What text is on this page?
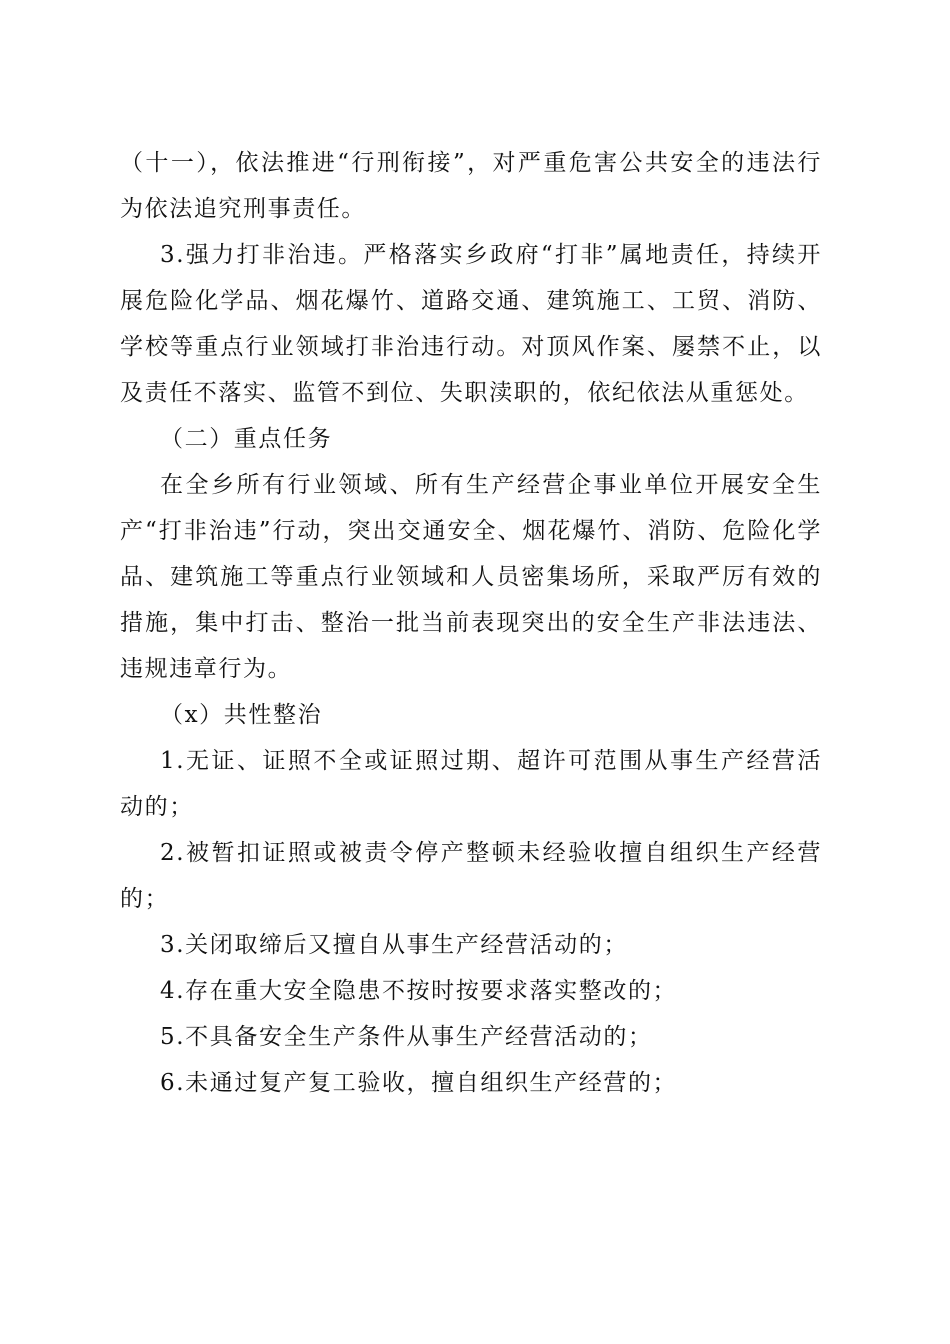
（十一），依法推进“行刑衔接”，对严重危害公共安全的违法行为依法追究刑事责任。

3.强力打非治违。严格落实乡政府“打非”属地责任，持续开展危险化学品、烟花爆竹、道路交通、建筑施工、工贸、消防、学校等重点行业领域打非治违行动。对顶风作案、屡禁不止，以及责任不落实、监管不到位、失职渎职的，依纪依法从重惩处。

（二）重点任务

在全乡所有行业领域、所有生产经营企事业单位开展安全生产“打非治违”行动，突出交通安全、烟花爆竹、消防、危险化学品、建筑施工等重点行业领域和人员密集场所，采取严厉有效的措施，集中打击、整治一批当前表现突出的安全生产非法违法、违规违章行为。

（x）共性整治

1.无证、证照不全或证照过期、超许可范围从事生产经营活动的；

2.被暂扣证照或被责令停产整顿未经验收擅自组织生产经营的；

3.关闭取缔后又擅自从事生产经营活动的；

4.存在重大安全隐患不按时按要求落实整改的；

5.不具备安全生产条件从事生产经营活动的；

6.未通过复产复工验收，擅自组织生产经营的；
